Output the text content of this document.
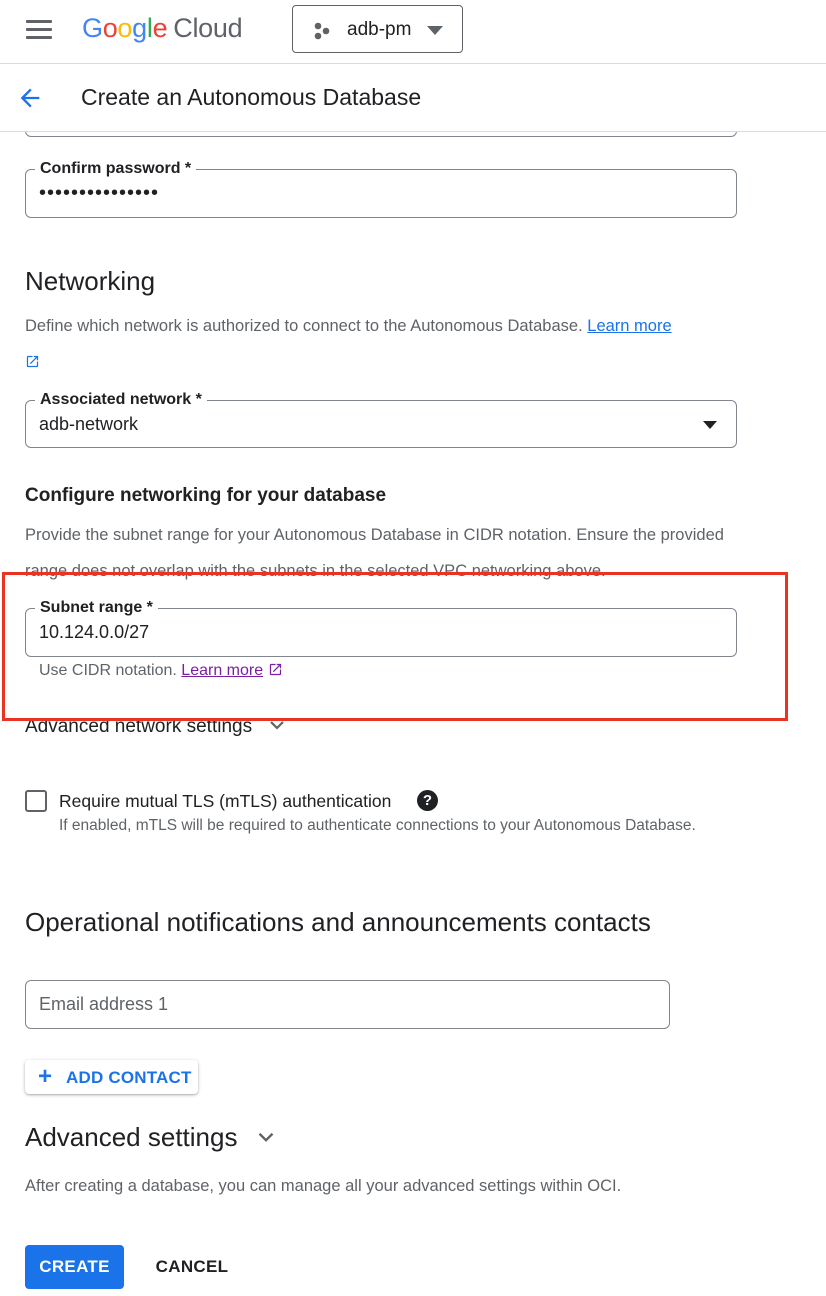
Google Cloud	adb-pm
Create an Autonomous Database
Confirm password *
•••••••••••••••
Networking
Define which network is authorized to connect to the Autonomous Database. Learn more

Associated network *
adb-network
Configure networking for your database
Provide the subnet range for your Autonomous Database in CIDR notation. Ensure the provided range does not overlap with the subnets in the selected VPC networking above.
Subnet range *
10.124.0.0/27
Use CIDR notation. Learn more
Advanced network settings
Require mutual TLS (mTLS) authentication	?
If enabled, mTLS will be required to authenticate connections to your Autonomous Database.
Operational notifications and announcements contacts
Email address 1
+ ADD CONTACT
Advanced settings
After creating a database, you can manage all your advanced settings within OCI.
CREATE	CANCEL
